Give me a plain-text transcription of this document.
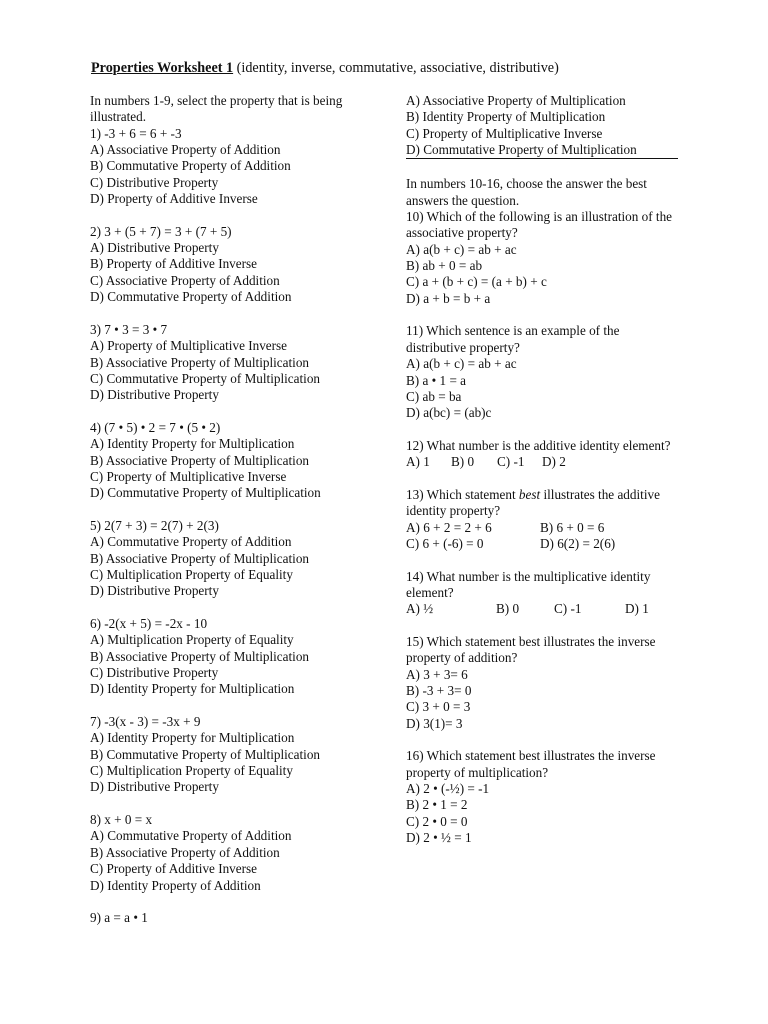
Properties Worksheet 1 (identity, inverse, commutative, associative, distributive)
In numbers 1-9, select the property that is being illustrated.
1) -3 + 6 = 6 + -3
A) Associative Property of Addition
B) Commutative Property of Addition
C) Distributive Property
D) Property of Additive Inverse
2) 3 + (5 + 7) = 3 + (7 + 5)
A) Distributive Property
B) Property of Additive Inverse
C) Associative Property of Addition
D) Commutative Property of Addition
3) 7 • 3 = 3 • 7
A) Property of Multiplicative Inverse
B) Associative Property of Multiplication
C) Commutative Property of Multiplication
D) Distributive Property
4) (7 • 5) • 2 = 7 • (5 • 2)
A) Identity Property for Multiplication
B) Associative Property of Multiplication
C) Property of Multiplicative Inverse
D) Commutative Property of Multiplication
5) 2(7 + 3) = 2(7) + 2(3)
A) Commutative Property of Addition
B) Associative Property of Multiplication
C) Multiplication Property of Equality
D) Distributive Property
6) -2(x + 5) = -2x - 10
A) Multiplication Property of Equality
B) Associative Property of Multiplication
C) Distributive Property
D) Identity Property for Multiplication
7) -3(x - 3) = -3x + 9
A) Identity Property for Multiplication
B) Commutative Property of Multiplication
C) Multiplication Property of Equality
D) Distributive Property
8) x + 0 = x
A) Commutative Property of Addition
B) Associative Property of Addition
C) Property of Additive Inverse
D) Identity Property of Addition
9) a = a • 1
A) Associative Property of Multiplication
B) Identity Property of Multiplication
C) Property of Multiplicative Inverse
D) Commutative Property of Multiplication
In numbers 10-16, choose the answer the best answers the question.
10) Which of the following is an illustration of the associative property?
A) a(b + c) = ab + ac
B) ab + 0 = ab
C) a + (b + c) = (a + b) + c
D) a + b = b + a
11) Which sentence is an example of the distributive property?
A) a(b + c) = ab + ac
B) a • 1 = a
C) ab = ba
D) a(bc) = (ab)c
12) What number is the additive identity element?
A) 1	B) 0	C) -1	D) 2
13) Which statement best illustrates the additive identity property?
A) 6 + 2 = 2 + 6	B) 6 + 0 = 6
C) 6 + (-6) = 0	D) 6(2) = 2(6)
14) What number is the multiplicative identity element?
A) ½	B) 0	C) -1	D) 1
15) Which statement best illustrates the inverse property of addition?
A) 3 + 3= 6
B) -3 + 3= 0
C) 3 + 0 = 3
D) 3(1)= 3
16) Which statement best illustrates the inverse property of multiplication?
A) 2 • (-½) = -1
B) 2 • 1 = 2
C) 2 • 0 = 0
D) 2 • ½ = 1
